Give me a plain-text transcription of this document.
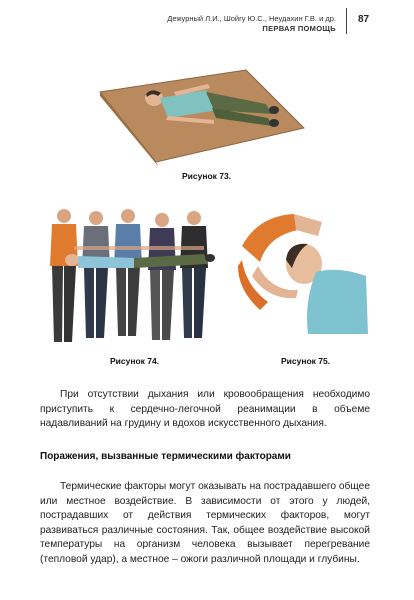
Дежурный Л.И., Шойгу Ю.С., Неудахин Г.В. и др.
ПЕРВАЯ ПОМОЩЬ
87
Рисунок 73.
Рисунок 74.	Рисунок 75.

При отсутствии дыхания или кровообращения необходимо приступить к сердечно-легочной реанимации в объеме надавливаний на грудину и вдохов искусственного дыхания.

Поражения, вызванные термическими факторами

Термические факторы могут оказывать на пострадавшего общее или местное воздействие. В зависимости от этого у людей, пострадавших от действия термических факторов, могут развиваться различные состояния. Так, общее воздействие высокой температуры на организм человека вызывает перегревание (тепловой удар), а местное – ожоги различной площади и глубины.
